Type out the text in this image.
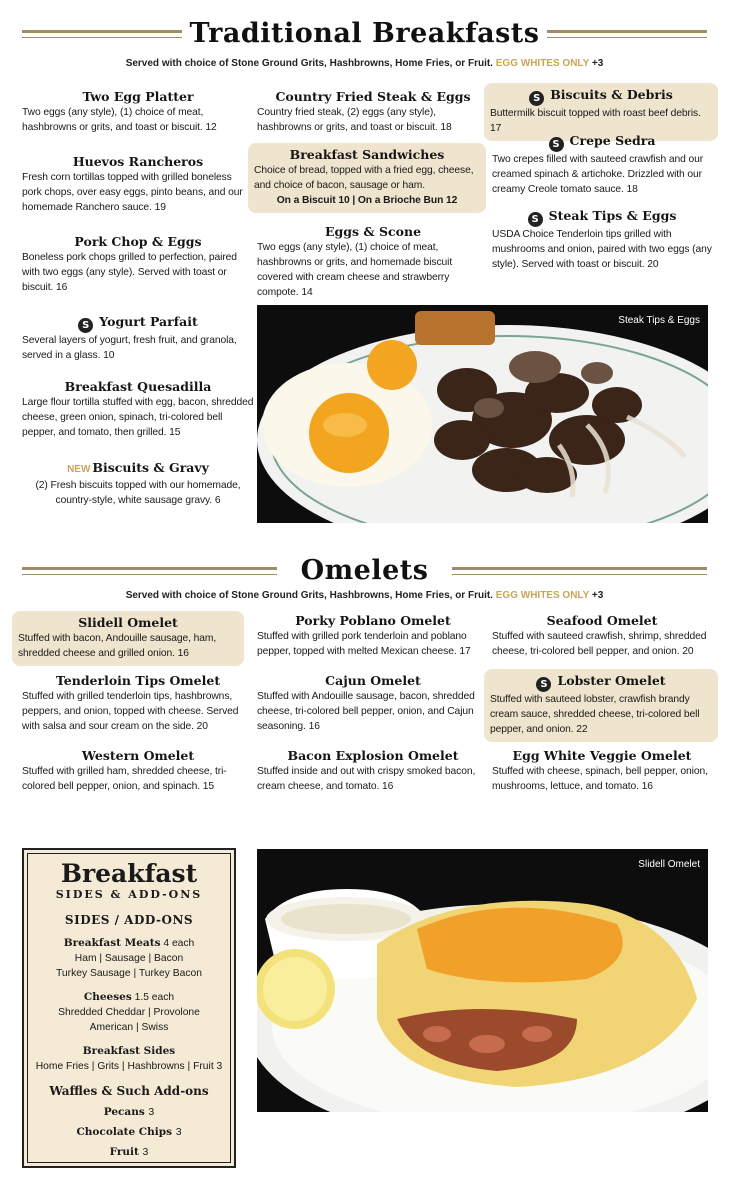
Traditional Breakfasts
Served with choice of Stone Ground Grits, Hashbrowns, Home Fries, or Fruit. EGG WHITES ONLY +3
Two Egg Platter

Two eggs (any style), (1) choice of meat, hashbrowns or grits, and toast or biscuit. 12

Huevos Rancheros

Fresh corn tortillas topped with grilled boneless pork chops, over easy eggs, pinto beans, and our homemade Ranchero sauce. 19

Pork Chop & Eggs

Boneless pork chops grilled to perfection, paired with two eggs (any style). Served with toast or biscuit. 16

S Yogurt Parfait

Several layers of yogurt, fresh fruit, and granola, served in a glass. 10

Breakfast Quesadilla

Large flour tortilla stuffed with egg, bacon, shredded cheese, green onion, spinach, tri-colored bell pepper, and tomato, then grilled. 15

NEW Biscuits & Gravy

(2) Fresh biscuits topped with our homemade, country-style, white sausage gravy. 6

Country Fried Steak & Eggs

Country fried steak, (2) eggs (any style), hashbrowns or grits, and toast or biscuit. 18

Breakfast Sandwiches

Choice of bread, topped with a fried egg, cheese, and choice of bacon, sausage or ham.

On a Biscuit 10 | On a Brioche Bun 12

Eggs & Scone

Two eggs (any style), (1) choice of meat, hashbrowns or grits, and homemade biscuit covered with cream cheese and strawberry compote. 14

S Biscuits & Debris

Buttermilk biscuit topped with roast beef debris. 17

S Crepe Sedra

Two crepes filled with sauteed crawfish and our creamed spinach & artichoke. Drizzled with our creamy Creole tomato sauce. 18

S Steak Tips & Eggs

USDA Choice Tenderloin tips grilled with mushrooms and onion, paired with two eggs (any style). Served with toast or biscuit. 20

Steak Tips & Eggs
Omelets
Served with choice of Stone Ground Grits, Hashbrowns, Home Fries, or Fruit. EGG WHITES ONLY +3
Slidell Omelet

Stuffed with bacon, Andouille sausage, ham, shredded cheese and grilled onion. 16

Tenderloin Tips Omelet

Stuffed with grilled tenderloin tips, hashbrowns, peppers, and onion, topped with cheese. Served with salsa and sour cream on the side. 20

Western Omelet

Stuffed with grilled ham, shredded cheese, tri-colored bell pepper, onion, and spinach. 15

Porky Poblano Omelet

Stuffed with grilled pork tenderloin and poblano pepper, topped with melted Mexican cheese. 17

Cajun Omelet

Stuffed with Andouille sausage, bacon, shredded cheese, tri-colored bell pepper, onion, and Cajun seasoning. 16

Bacon Explosion Omelet

Stuffed inside and out with crispy smoked bacon, cream cheese, and tomato. 16

Seafood Omelet

Stuffed with sauteed crawfish, shrimp, shredded cheese, tri-colored bell pepper, and onion. 20

S Lobster Omelet

Stuffed with sauteed lobster, crawfish brandy cream sauce, shredded cheese, tri-colored bell pepper, and onion. 22

Egg White Veggie Omelet

Stuffed with cheese, spinach, bell pepper, onion, mushrooms, lettuce, and tomato. 16

Breakfast
SIDES & ADD-ONS
SIDES / ADD-ONS
Breakfast Meats 4 each
Ham | Sausage | Bacon
Turkey Sausage | Turkey Bacon
Cheeses 1.5 each
Shredded Cheddar | Provolone
American | Swiss
Breakfast Sides
Home Fries | Grits | Hashbrowns | Fruit 3
Waffles & Such Add-ons
Pecans 3
Chocolate Chips 3
Fruit 3
Slidell Omelet
